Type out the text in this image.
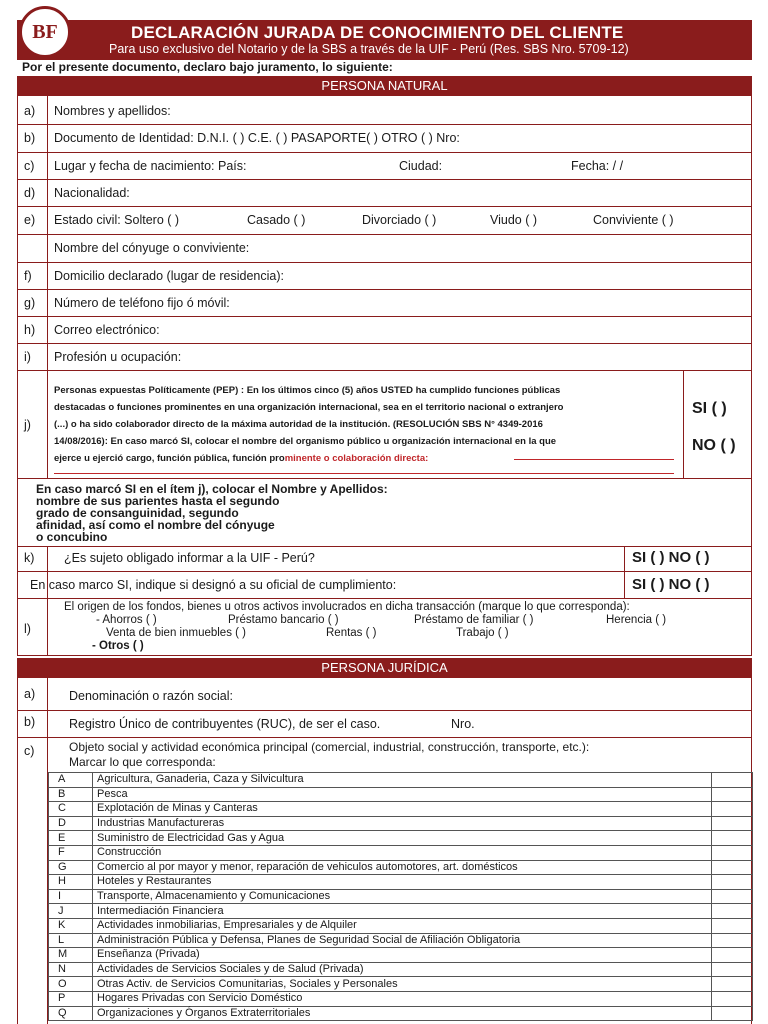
BF	DECLARACIÓN JURADA DE CONOCIMIENTO DEL CLIENTE
Para uso exclusivo del Notario y de la SBS a través de la UIF - Perú (Res. SBS Nro. 5709-12)
Por el presente documento, declaro bajo juramento, lo siguiente:
PERSONA NATURAL
a) Nombres y apellidos:
b) Documento de Identidad: D.N.I. ( ) C.E. ( ) PASAPORTE( ) OTRO ( ) Nro:
c) Lugar y fecha de nacimiento: País:	Ciudad:	Fecha: / /
d) Nacionalidad:
e) Estado civil: Soltero ( )	Casado ( )	Divorciado ( )	Viudo ( )	Conviviente ( )
Nombre del cónyuge o conviviente:
f) Domicilio declarado (lugar de residencia):
g) Número de teléfono fijo ó móvil:
h) Correo electrónico:
i) Profesión u ocupación:
j)
Personas expuestas Políticamente (PEP) : En los últimos cinco (5) años USTED ha cumplido funciones públicas
destacadas o funciones prominentes en una organización internacional, sea en el territorio nacional o extranjero
(...) o ha sido colaborador directo de la máxima autoridad de la institución. (RESOLUCIÓN SBS N° 4349-2016
14/08/2016): En caso marcó SI, colocar el nombre del organismo público u organización internacional en la que
ejerce u ejerció cargo, función pública, función prominente o colaboración directa:
SI ( )
NO ( )
En caso marcó SI en el ítem j), colocar el Nombre y Apellidos:
nombre de sus parientes hasta el segundo
grado de consanguinidad, segundo
afinidad, así como el nombre del cónyuge
o concubino
k) ¿Es sujeto obligado informar a la UIF - Perú?	SI ( ) NO ( )
En caso marco SI, indique si designó a su oficial de cumplimiento:	SI ( ) NO ( )
l)
El origen de los fondos, bienes u otros activos involucrados en dicha transacción (marque lo que corresponda):
- Ahorros ( )	Préstamo bancario ( )	Préstamo de familiar ( )	Herencia ( )
Venta de bien inmuebles ( )	Rentas ( )	Trabajo ( )
- Otros ( )
PERSONA JURÍDICA
a)	Denominación o razón social:
b)	Registro Único de contribuyentes (RUC), de ser el caso.	Nro.
c)	Objeto social y actividad económica principal (comercial, industrial, construcción, transporte, etc.):
Marcar lo que corresponda:
A	Agricultura, Ganaderia, Caza y Silvicultura	
B	Pesca	
C	Explotación de Minas y Canteras	
D	Industrias Manufactureras	
E	Suministro de Electricidad Gas y Agua	
F	Construcción	
G	Comercio al por mayor y menor, reparación de vehiculos automotores, art. domésticos	
H	Hoteles y Restaurantes	
I	Transporte, Almacenamiento y Comunicaciones	
J	Intermediación Financiera	
K	Actividades inmobiliarias, Empresariales y de Alquiler	
L	Administración Pública y Defensa, Planes de Seguridad Social de Afiliación Obligatoria	
M	Enseñanza (Privada)	
N	Actividades de Servicios Sociales y de Salud (Privada)	
O	Otras Activ. de Servicios Comunitarias, Sociales y Personales	
P	Hogares Privadas con Servicio Doméstico	
Q	Organizaciones y Órganos Extraterritoriales	
